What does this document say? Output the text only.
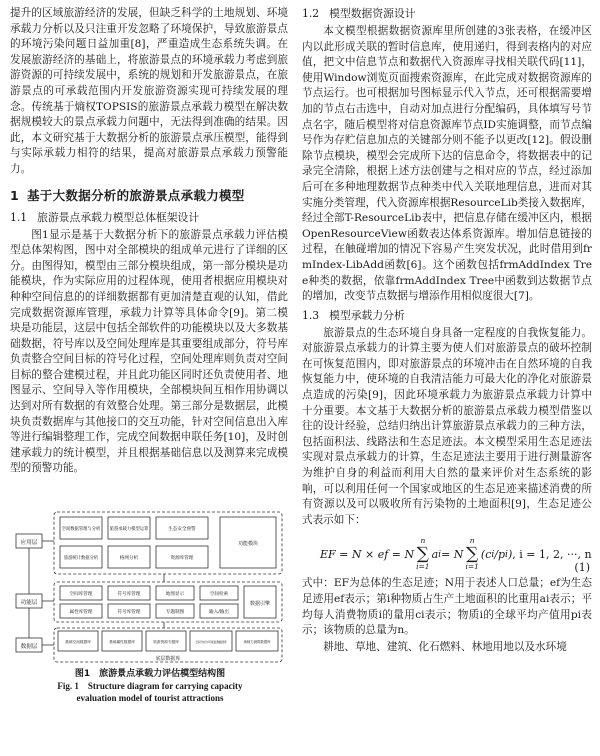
提升的区域旅游经济的发展，但缺乏科学的土地规划、环境承载力分析以及只注重开发忽略了环境保护，导致旅游景点的环境污染问题日益加重[8]，严重造成生态系统失调。在发展旅游经济的基础上，将旅游景点的环境承载力考虑到旅游资源的可持续发展中，系统的规划和开发旅游景点，在旅游景点的可承载范围内开发旅游资源实现可持续发展的理念。传统基于熵权TOPSIS的旅游景点承载力模型在解决数据规模较大的景点承载力问题中，无法得到准确的结果。因此，本文研究基于大数据分析的旅游景点承压模型，能得到与实际承载力相符的结果，提高对旅游景点承载力预警能力。

1 基于大数据分析的旅游景点承载力模型
1.1 旅游景点承载力模型总体框架设计

图1显示是基于大数据分析下的旅游景点承载力评估模型总体架构图，图中对全部模块的组成单元进行了详细的区分。由图得知，模型由三部分模块组成，第一部分模块是功能模块，作为实际应用的过程体现，使用者根据应用模块对种种空间信息的的详细数据都有更加清楚直观的认知，借此完成数据资源库管理，承载力计算等具体命令[9]。第二模块是功能层，这层中包括全部软件的功能模块以及大多数基础数据，符号库以及空间处理库是其重要组成部分，符号库负责整合空间目标的符号化过程，空间处理库则负责对空间目标的整合建模过程，并且此功能区同时还负责使用者、地图显示、空间导入等作用模块，全部模块间互相作用协调以达到对所有数据的有效整合处理。第三部分是数据层，此模块负责数据库与其他接口的交互功能，针对空间信息出入库等进行编辑整理工作，完成空间数据申联任务[10]，及时创建承载力的统计模型，并且根据基础信息以及测算来完成模型的预警功能。

应用层
功能层
数据层
空间数据管理与分析 旅游承载力模型运算	生态安全预警
旅游统计数据分析	格网分析	资源库管理
功能模块
空间库管理	符号库管理	地图显示	空间检索
属性库管理	符号库管理	专题制图	输入/输出
数据引擎
基础空间数据库	基础属性数据库	旅游资源专题库	空间分析与环境监测数据库	承载力测算数据库
底层数据库
图1　旅游景点承载力评估模型结构图
Fig. 1　Structure diagram for carrying capacity
evaluation model of tourist attractions
1.2 模型数据资源设计

本文模型根据数据资源库里所创建的3张表格，在缓冲区内以此形成关联的暂时信息库，使用递归，得到表格内的对应值，把文中信息节点和数据代入资源库寻找相关联代码[11]，使用Window浏览页面搜索资源库，在此完成对数据资源库的节点运行。也可根据加号图标显示代入节点，还可根据需要增加的节点右击选中，自动对加点进行分配编码，具体填写号节点名字，随后模型将对信息资源库节点ID实施调整，而节点编号作为存贮信息加点的关键部分则不能予以更改[12]。假设删除节点模块，模型会完成所下达的信息命令，将数据表中的记录完全清除，根据上述方法创建与之相对应的节点，经过添加后可在多种地理数据节点种类中代入关联地理信息，进而对其实施分类管理，代入资源库根据ResourceLib类接入数据库，经过全部T-ResourceLib表中，把信息存储在缓冲区内，根据OpenResourceView函数表达体系资源库。增加信息链接的过程，在触碰增加的情况下容易产生突发状况，此时借用到frmIndex-LibAdd函数[6]。这个函数包括frmAddIndex Tree种类的数据，依靠frmAddIndex Tree中函数到达数据节点的增加，改变节点数据与增添作用相似度很大[7]。

1.3 模型承载力分析

旅游景点的生态环境自身具备一定程度的自我恢复能力。对旅游景点承载力的计算主要为使人们对旅游景点的破坏控制在可恢复范围内，即对旅游景点的环境冲击在自然环境的自我恢复能力中，使环境的自我清洁能力可最大化的净化对旅游景点造成的污染[9]，因此环境承载力为旅游景点承载力计算中十分重要。本文基于大数据分析的旅游景点承载力模型借鉴以往的设计经验，总结归纳出计算旅游景点承载力的三种方法，包括面积法、线路法和生态足迹法。本文模型采用生态足迹法实现对景点承载力的计算，生态足迹法主要用于进行测量游客为维护自身的利益而利用大自然的量来评价对生态系统的影响，可以利用任何一个国家或地区的生态足迹来描述消费的所有资源以及可以吸收所有污染物的土地面积[9]，生态足迹公式表示如下：

EF = N × ef = N
n
∑
i=1
a i = N
n
∑
i=1
(c i /p i ) , i = 1, 2, ···, n
(1)

式中：EF为总体的生态足迹；N用于表述人口总量；ef为生态足迹用ef表示；第i种物质占生产土地面积的比重用ai表示；平均每人消费物质i的量用ci表示；物质i的全球平均产值用pi表示；该物质的总量为n。

耕地、草地、建筑、化石燃料、林地用地以及水环境
